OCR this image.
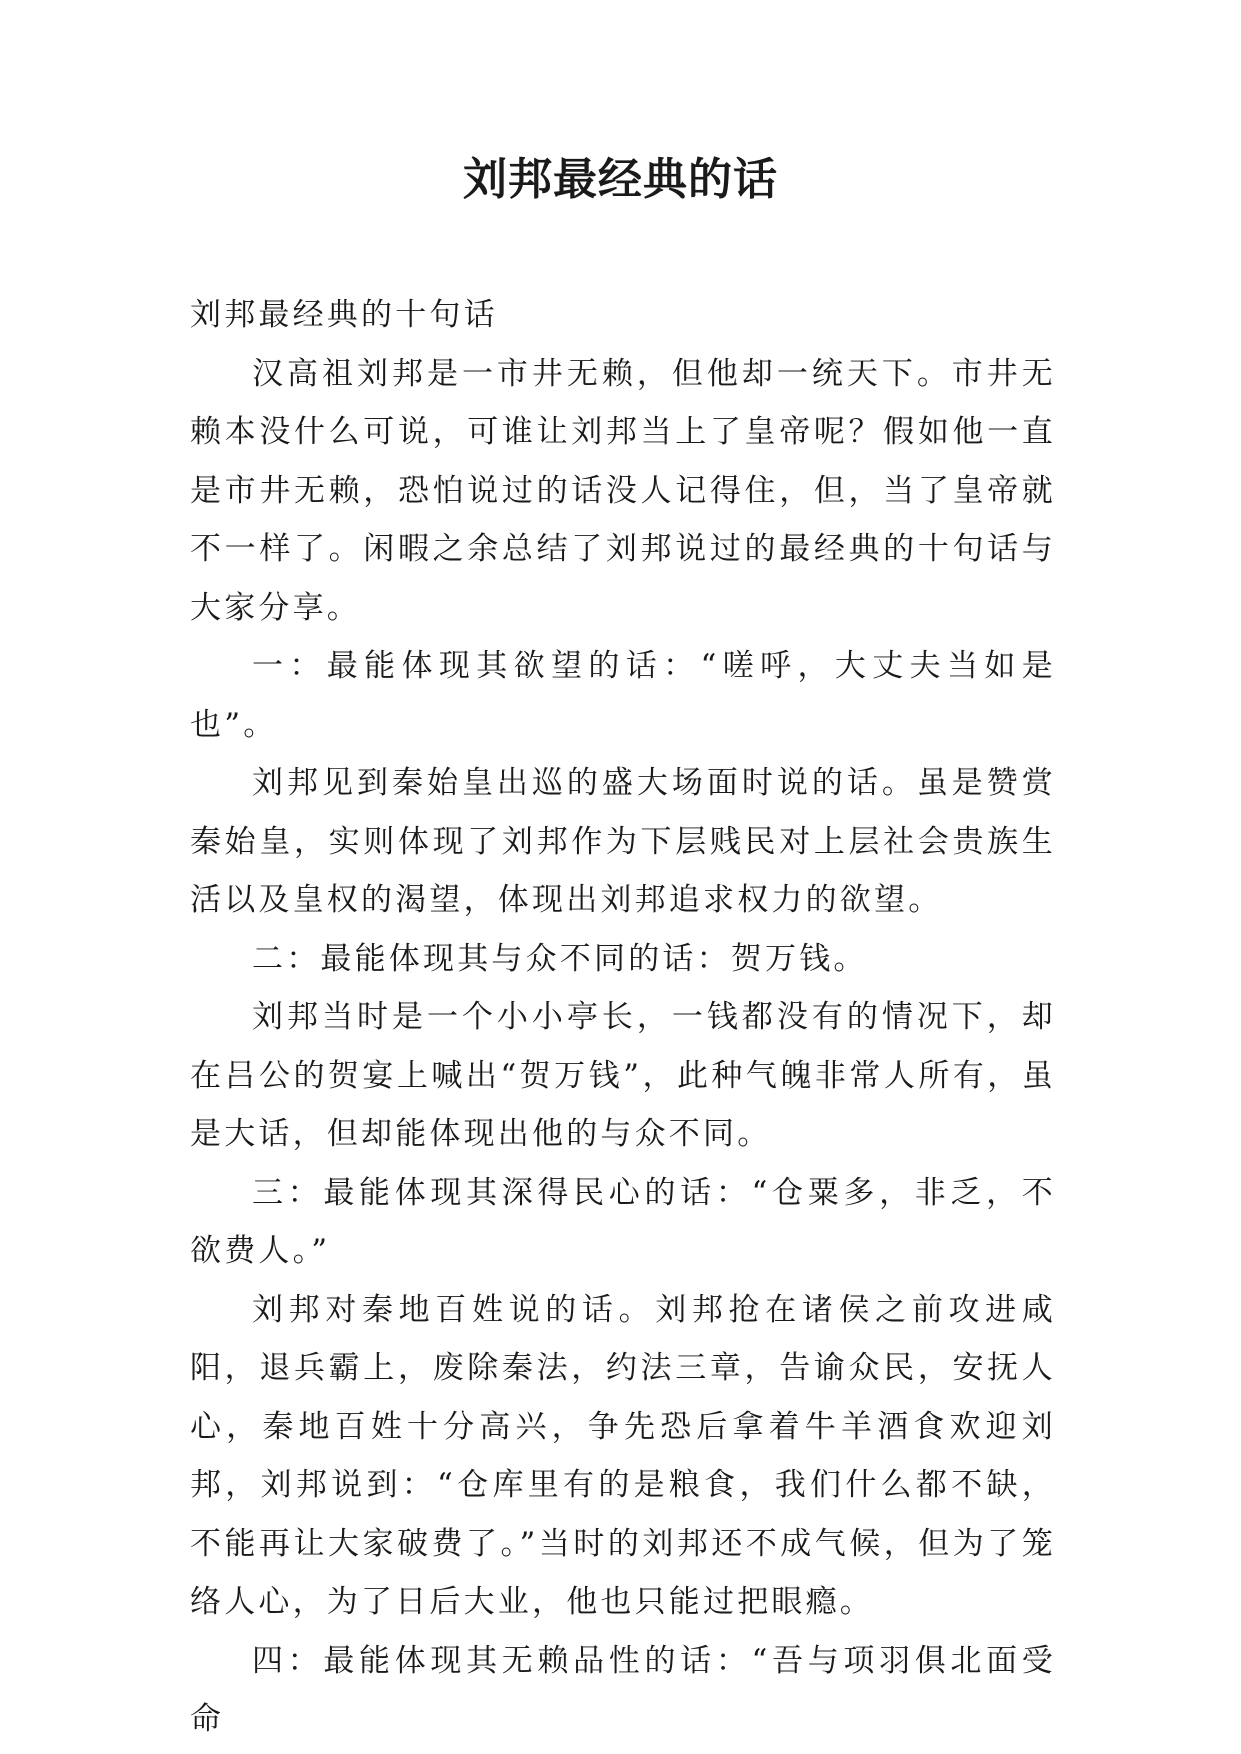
刘邦最经典的话

刘邦最经典的十句话

汉高祖刘邦是一市井无赖，但他却一统天下。市井无赖本没什么可说，可谁让刘邦当上了皇帝呢？假如他一直是市井无赖，恐怕说过的话没人记得住，但，当了皇帝就不一样了。闲暇之余总结了刘邦说过的最经典的十句话与大家分享。

一：最能体现其欲望的话：“嗟呼，大丈夫当如是也”。

刘邦见到秦始皇出巡的盛大场面时说的话。虽是赞赏秦始皇，实则体现了刘邦作为下层贱民对上层社会贵族生活以及皇权的渴望，体现出刘邦追求权力的欲望。

二：最能体现其与众不同的话：贺万钱。

刘邦当时是一个小小亭长，一钱都没有的情况下，却在吕公的贺宴上喊出“贺万钱”，此种气魄非常人所有，虽是大话，但却能体现出他的与众不同。

三：最能体现其深得民心的话：“仓粟多，非乏，不欲费人。”

刘邦对秦地百姓说的话。刘邦抢在诸侯之前攻进咸阳，退兵霸上，废除秦法，约法三章，告谕众民，安抚人心，秦地百姓十分高兴，争先恐后拿着牛羊酒食欢迎刘邦，刘邦说到：“仓库里有的是粮食，我们什么都不缺，不能再让大家破费了。”当时的刘邦还不成气候，但为了笼络人心，为了日后大业，他也只能过把眼瘾。

四：最能体现其无赖品性的话：“吾与项羽俱北面受命
